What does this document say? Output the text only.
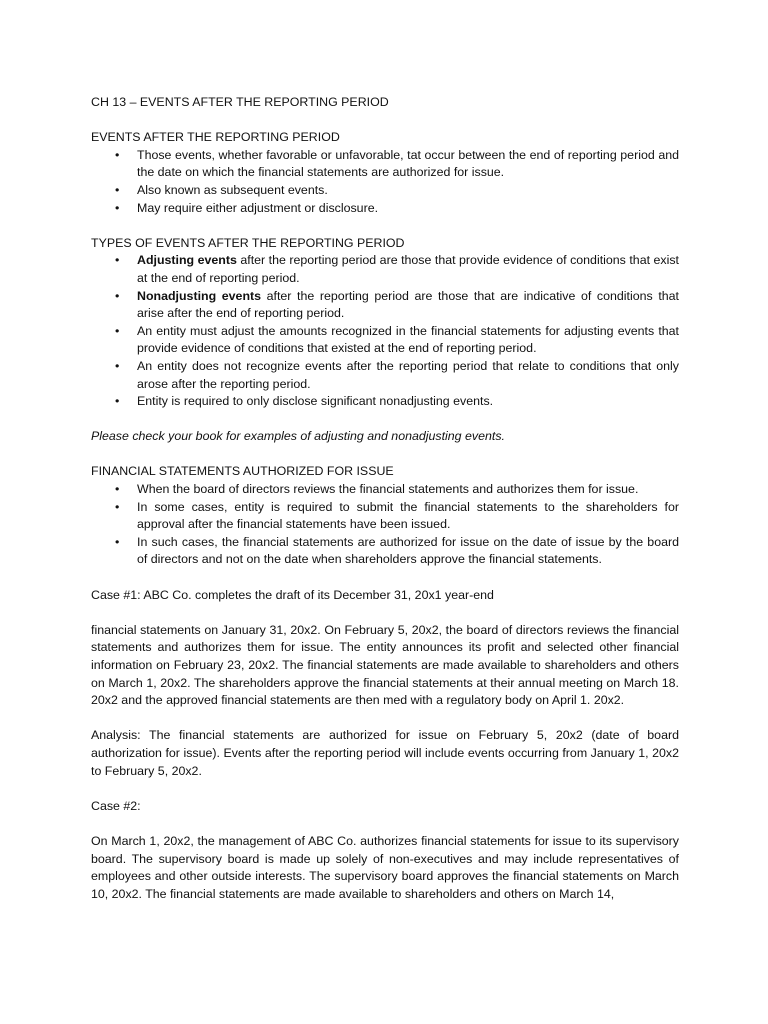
CH 13 – EVENTS AFTER THE REPORTING PERIOD

EVENTS AFTER THE REPORTING PERIOD

• Those events, whether favorable or unfavorable, tat occur between the end of reporting period and the date on which the financial statements are authorized for issue.
• Also known as subsequent events.
• May require either adjustment or disclosure.

TYPES OF EVENTS AFTER THE REPORTING PERIOD

• Adjusting events after the reporting period are those that provide evidence of conditions that exist at the end of reporting period.
• Nonadjusting events after the reporting period are those that are indicative of conditions that arise after the end of reporting period.
• An entity must adjust the amounts recognized in the financial statements for adjusting events that provide evidence of conditions that existed at the end of reporting period.
• An entity does not recognize events after the reporting period that relate to conditions that only arose after the reporting period.
• Entity is required to only disclose significant nonadjusting events.

Please check your book for examples of adjusting and nonadjusting events.

FINANCIAL STATEMENTS AUTHORIZED FOR ISSUE

• When the board of directors reviews the financial statements and authorizes them for issue.
• In some cases, entity is required to submit the financial statements to the shareholders for approval after the financial statements have been issued.
• In such cases, the financial statements are authorized for issue on the date of issue by the board of directors and not on the date when shareholders approve the financial statements.

Case #1: ABC Co. completes the draft of its December 31, 20x1 year-end

financial statements on January 31, 20x2. On February 5, 20x2, the board of directors reviews the financial statements and authorizes them for issue. The entity announces its profit and selected other financial information on February 23, 20x2. The financial statements are made available to shareholders and others on March 1, 20x2. The shareholders approve the financial statements at their annual meeting on March 18. 20x2 and the approved financial statements are then med with a regulatory body on April 1. 20x2.

Analysis: The financial statements are authorized for issue on February 5, 20x2 (date of board authorization for issue). Events after the reporting period will include events occurring from January 1, 20x2 to February 5, 20x2.

Case #2:

On March 1, 20x2, the management of ABC Co. authorizes financial statements for issue to its supervisory board. The supervisory board is made up solely of non-executives and may include representatives of employees and other outside interests. The supervisory board approves the financial statements on March 10, 20x2. The financial statements are made available to shareholders and others on March 14,
